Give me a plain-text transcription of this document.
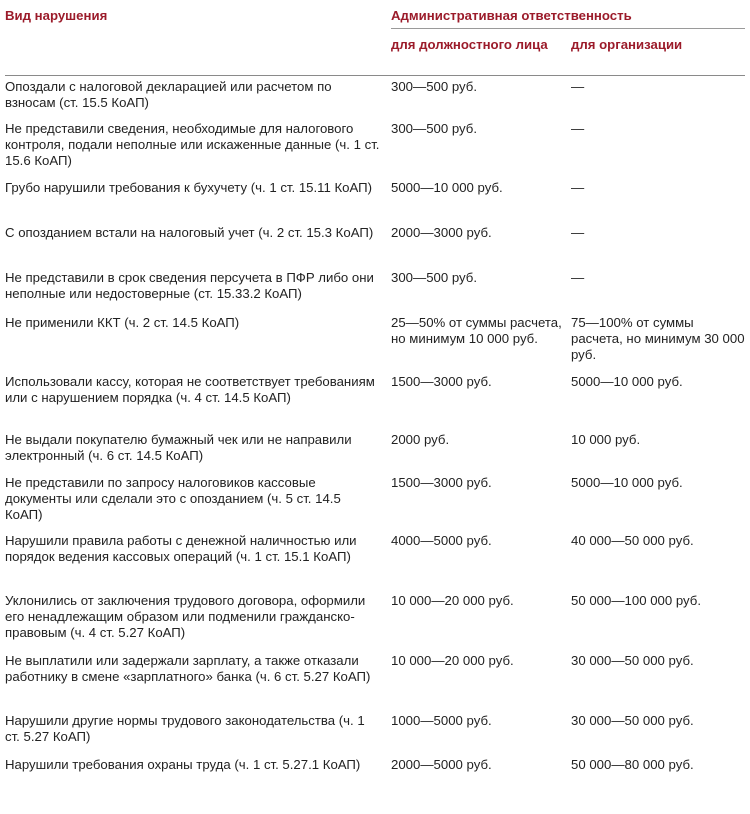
Вид нарушения	Административная ответственность	
	для должностного лица	для организации

Опоздали с налоговой декларацией или расчетом по взносам (ст. 15.5 КоАП)	300—500 руб.	—
Не представили сведения, необходимые для налогового контроля, подали неполные или искаженные данные (ч. 1 ст. 15.6 КоАП)	300—500 руб.	—
Грубо нарушили требования к бухучету (ч. 1 ст. 15.11 КоАП)	5000—10 000 руб.	—
С опозданием встали на налоговый учет (ч. 2 ст. 15.3 КоАП)	2000—3000 руб.	—
Не представили в срок сведения персучета в ПФР либо они неполные или недостоверные (ст. 15.33.2 КоАП)	300—500 руб.	—
Не применили ККТ (ч. 2 ст. 14.5 КоАП)	25—50% от суммы расчета, но минимум 10 000 руб.	75—100% от суммы расчета, но минимум 30 000 руб.
Использовали кассу, которая не соответствует требованиям или с нарушением порядка (ч. 4 ст. 14.5 КоАП)	1500—3000 руб.	5000—10 000 руб.
Не выдали покупателю бумажный чек или не направили электронный (ч. 6 ст. 14.5 КоАП)	2000 руб.	10 000 руб.
Не представили по запросу налоговиков кассовые документы или сделали это с опозданием (ч. 5 ст. 14.5 КоАП)	1500—3000 руб.	5000—10 000 руб.
Нарушили правила работы с денежной наличностью или порядок ведения кассовых операций (ч. 1 ст. 15.1 КоАП)	4000—5000 руб.	40 000—50 000 руб.
Уклонились от заключения трудового договора, оформили его ненадлежащим образом или подменили гражданско-правовым (ч. 4 ст. 5.27 КоАП)	10 000—20 000 руб.	50 000—100 000 руб.
Не выплатили или задержали зарплату, а также отказали работнику в смене «зарплатного» банка (ч. 6 ст. 5.27 КоАП)	10 000—20 000 руб.	30 000—50 000 руб.
Нарушили другие нормы трудового законодательства (ч. 1 ст. 5.27 КоАП)	1000—5000 руб.	30 000—50 000 руб.
Нарушили требования охраны труда (ч. 1 ст. 5.27.1 КоАП)	2000—5000 руб.	50 000—80 000 руб.
